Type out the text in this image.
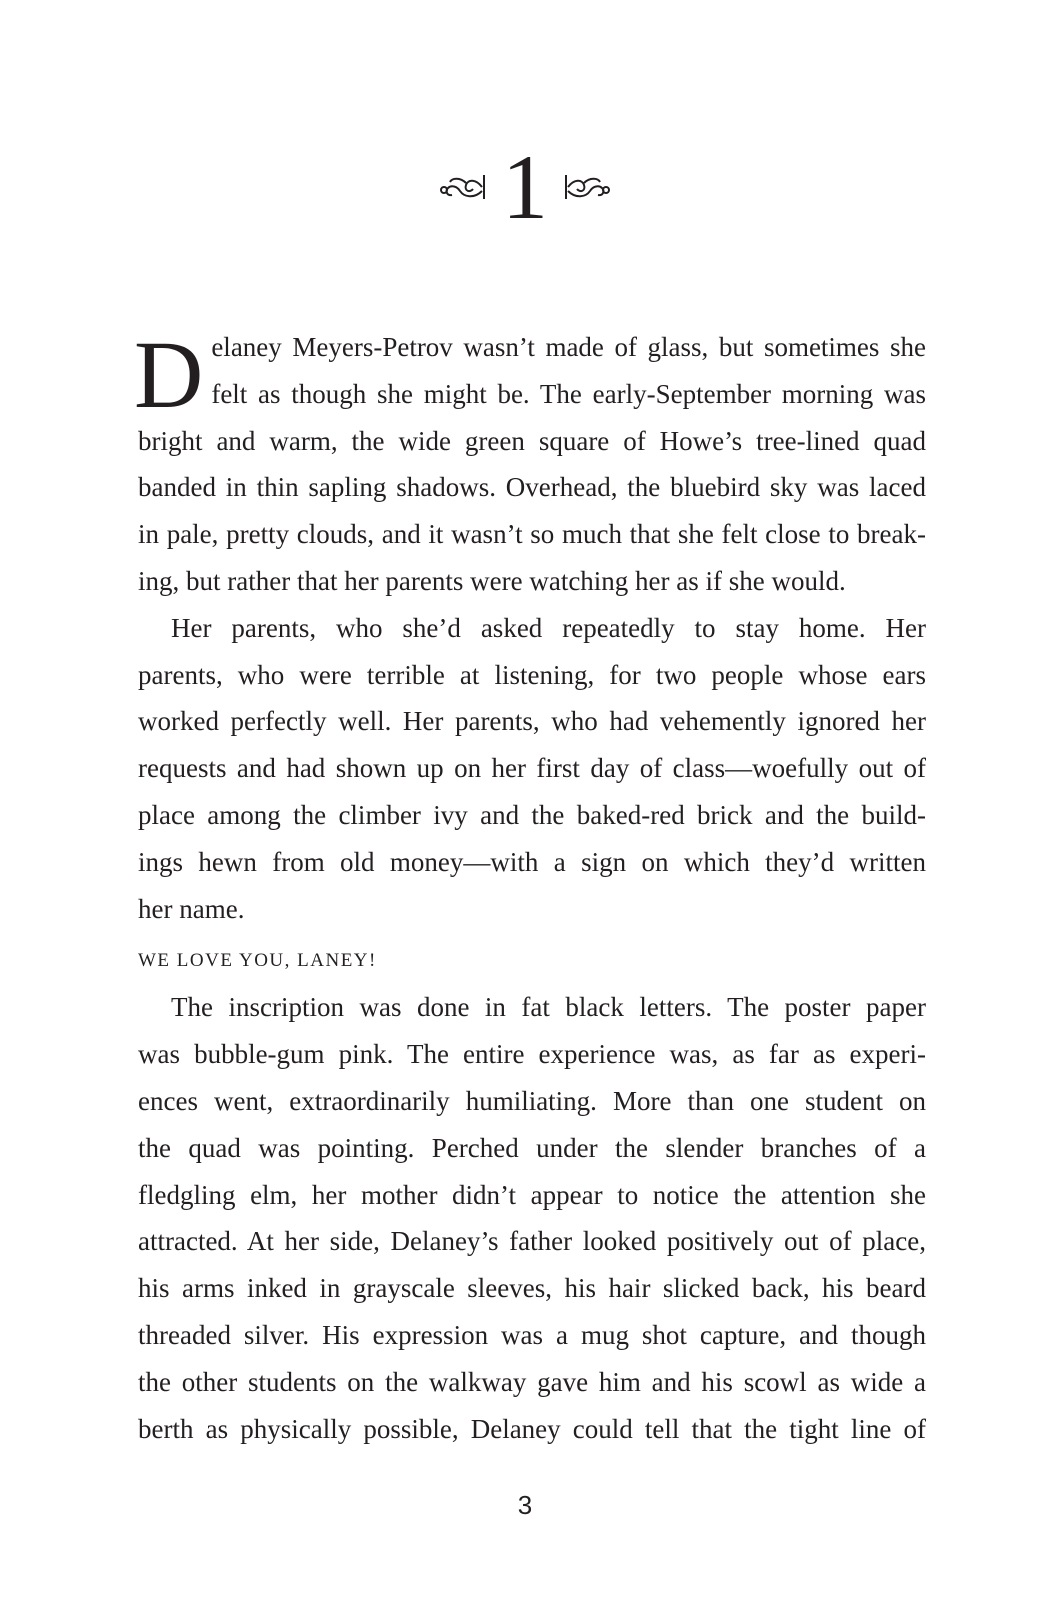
1
D elaney Meyers-Petrov wasn’t made of glass, but sometimes she
felt as though she might be. The early-September morning was
bright and warm, the wide green square of Howe’s tree-lined quad
banded in thin sapling shadows. Overhead, the bluebird sky was laced
in pale, pretty clouds, and it wasn’t so much that she felt close to break-
ing, but rather that her parents were watching her as if she would.
Her parents, who she’d asked repeatedly to stay home. Her
parents, who were terrible at listening, for two people whose ears
worked perfectly well. Her parents, who had vehemently ignored her
requests and had shown up on her first day of class—woefully out of
place among the climber ivy and the baked-red brick and the build-
ings hewn from old money—with a sign on which they’d written
her name.
WE LOVE YOU, LANEY!
The inscription was done in fat black letters. The poster paper
was bubble-gum pink. The entire experience was, as far as experi-
ences went, extraordinarily humiliating. More than one student on
the quad was pointing. Perched under the slender branches of a
fledgling elm, her mother didn’t appear to notice the attention she
attracted. At her side, Delaney’s father looked positively out of place,
his arms inked in grayscale sleeves, his hair slicked back, his beard
threaded silver. His expression was a mug shot capture, and though
the other students on the walkway gave him and his scowl as wide a
berth as physically possible, Delaney could tell that the tight line of
3
